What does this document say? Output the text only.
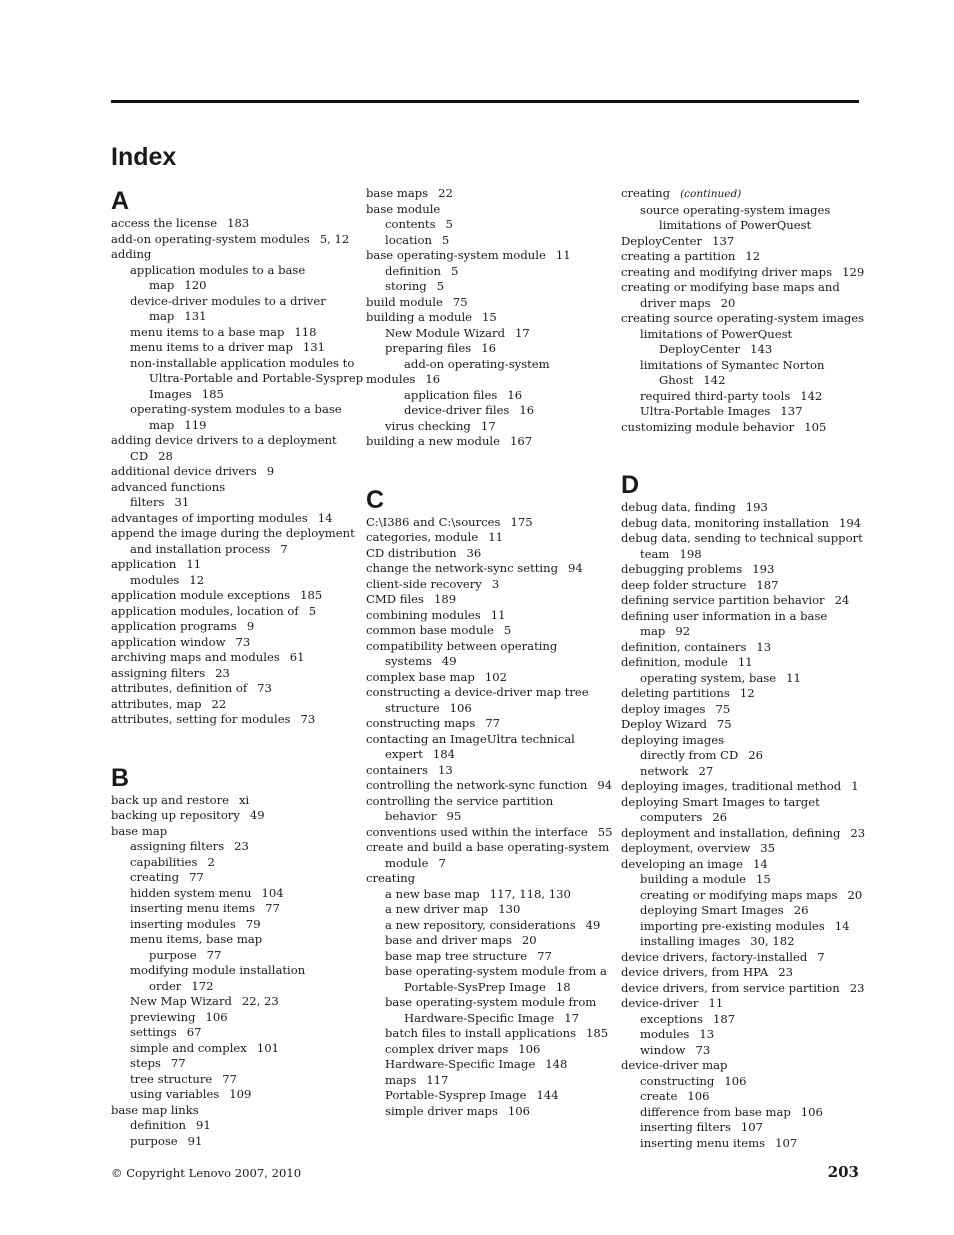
Index
A
access the license 183
add-on operating-system modules 5, 12
adding
application modules to a base
map 120
device-driver modules to a driver
map 131
menu items to a base map 118
menu items to a driver map 131
non-installable application modules to
Ultra-Portable and Portable-Sysprep
Images 185
operating-system modules to a base
map 119
adding device drivers to a deployment
CD 28
additional device drivers 9
advanced functions
filters 31
advantages of importing modules 14
append the image during the deployment
and installation process 7
application 11
modules 12
application module exceptions 185
application modules, location of 5
application programs 9
application window 73
archiving maps and modules 61
assigning filters 23
attributes, definition of 73
attributes, map 22
attributes, setting for modules 73
B
back up and restore xi
backing up repository 49
base map
assigning filters 23
capabilities 2
creating 77
hidden system menu 104
inserting menu items 77
inserting modules 79
menu items, base map
purpose 77
modifying module installation
order 172
New Map Wizard 22, 23
previewing 106
settings 67
simple and complex 101
steps 77
tree structure 77
using variables 109
base map links
definition 91
purpose 91
base maps 22
base module
contents 5
location 5
base operating-system module 11
definition 5
storing 5
build module 75
building a module 15
New Module Wizard 17
preparing files 16
add-on operating-system
modules 16
application files 16
device-driver files 16
virus checking 17
building a new module 167
C
C:\I386 and C:\sources 175
categories, module 11
CD distribution 36
change the network-sync setting 94
client-side recovery 3
CMD files 189
combining modules 11
common base module 5
compatibility between operating
systems 49
complex base map 102
constructing a device-driver map tree
structure 106
constructing maps 77
contacting an ImageUltra technical
expert 184
containers 13
controlling the network-sync function 94
controlling the service partition
behavior 95
conventions used within the interface 55
create and build a base operating-system
module 7
creating
a new base map 117, 118, 130
a new driver map 130
a new repository, considerations 49
base and driver maps 20
base map tree structure 77
base operating-system module from a
Portable-SysPrep Image 18
base operating-system module from
Hardware-Specific Image 17
batch files to install applications 185
complex driver maps 106
Hardware-Specific Image 148
maps 117
Portable-Sysprep Image 144
simple driver maps 106
creating (continued)
source operating-system images
limitations of PowerQuest
DeployCenter 137
creating a partition 12
creating and modifying driver maps 129
creating or modifying base maps and
driver maps 20
creating source operating-system images
limitations of PowerQuest
DeployCenter 143
limitations of Symantec Norton
Ghost 142
required third-party tools 142
Ultra-Portable Images 137
customizing module behavior 105
D
debug data, finding 193
debug data, monitoring installation 194
debug data, sending to technical support
team 198
debugging problems 193
deep folder structure 187
defining service partition behavior 24
defining user information in a base
map 92
definition, containers 13
definition, module 11
operating system, base 11
deleting partitions 12
deploy images 75
Deploy Wizard 75
deploying images
directly from CD 26
network 27
deploying images, traditional method 1
deploying Smart Images to target
computers 26
deployment and installation, defining 23
deployment, overview 35
developing an image 14
building a module 15
creating or modifying maps maps 20
deploying Smart Images 26
importing pre-existing modules 14
installing images 30, 182
device drivers, factory-installed 7
device drivers, from HPA 23
device drivers, from service partition 23
device-driver 11
exceptions 187
modules 13
window 73
device-driver map
constructing 106
create 106
difference from base map 106
inserting filters 107
inserting menu items 107
© Copyright Lenovo 2007, 2010	203
